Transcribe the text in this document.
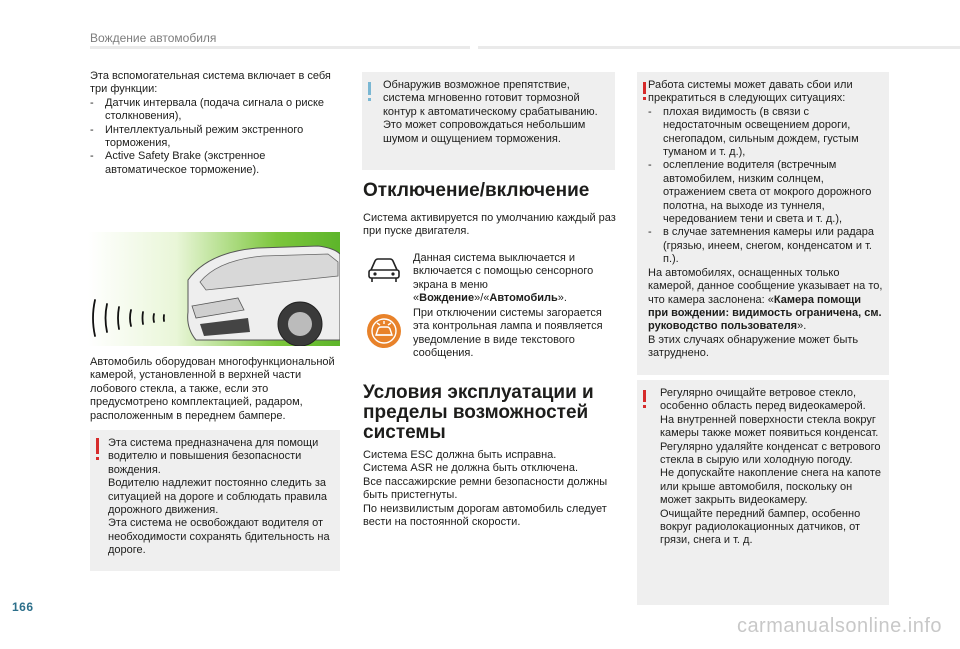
Вождение автомобиля

Эта вспомогательная система включает в себя три функции:

-	Датчик интервала (подача сигнала о риске столкновения),
-	Интеллектуальный режим экстренного торможения,
-	Active Safety Brake (экстренное автоматическое торможение).

Автомобиль оборудован многофункциональной камерой, установленной в верхней части лобового стекла, а также, если это предусмотрено комплектацией, радаром, расположенным в переднем бампере.

Эта система предназначена для помощи водителю и повышения безопасности вождения.

Водителю надлежит постоянно следить за ситуацией на дороге и соблюдать правила дорожного движения.

Эта система не освобождают водителя от необходимости сохранять бдительность на дороге.

Обнаружив возможное препятствие, система мгновенно готовит тормозной контур к автоматическому срабатыванию. Это может сопровождаться небольшим шумом и ощущением торможения.

Отключение/включение

Система активируется по умолчанию каждый раз при пуске двигателя.

Данная система выключается и включается с помощью сенсорного экрана в меню «Вождение»/«Автомобиль».

При отключении системы загорается эта контрольная лампа и появляется уведомление в виде текстового сообщения.

Условия эксплуатации и пределы возможностей системы

Система ESC должна быть исправна.

Система ASR не должна быть отключена.

Все пассажирские ремни безопасности должны быть пристегнуты.

По неизвилистым дорогам автомобиль следует вести на постоянной скорости.

Работа системы может давать сбои или прекратиться в следующих ситуациях:

-	плохая видимость (в связи с недостаточным освещением дороги, снегопадом, сильным дождем, густым туманом и т. д.),
-	ослепление водителя (встречным автомобилем, низким солнцем, отражением света от мокрого дорожного полотна, на выходе из туннеля, чередованием тени и света и т. д.),
-	в случае затемнения камеры или радара (грязью, инеем, снегом, конденсатом и т. п.).

На автомобилях, оснащенных только камерой, данное сообщение указывает на то, что камера заслонена: «Камера помощи при вождении: видимость ограничена, см. руководство пользователя».

В этих случаях обнаружение может быть затруднено.

Регулярно очищайте ветровое стекло, особенно область перед видеокамерой.

На внутренней поверхности стекла вокруг камеры также может появиться конденсат. Регулярно удаляйте конденсат с ветрового стекла в сырую или холодную погоду.

Не допускайте накопление снега на капоте или крыше автомобиля, поскольку он может закрыть видеокамеру.

Очищайте передний бампер, особенно вокруг радиолокационных датчиков, от грязи, снега и т. д.

166
carmanualsonline.info
